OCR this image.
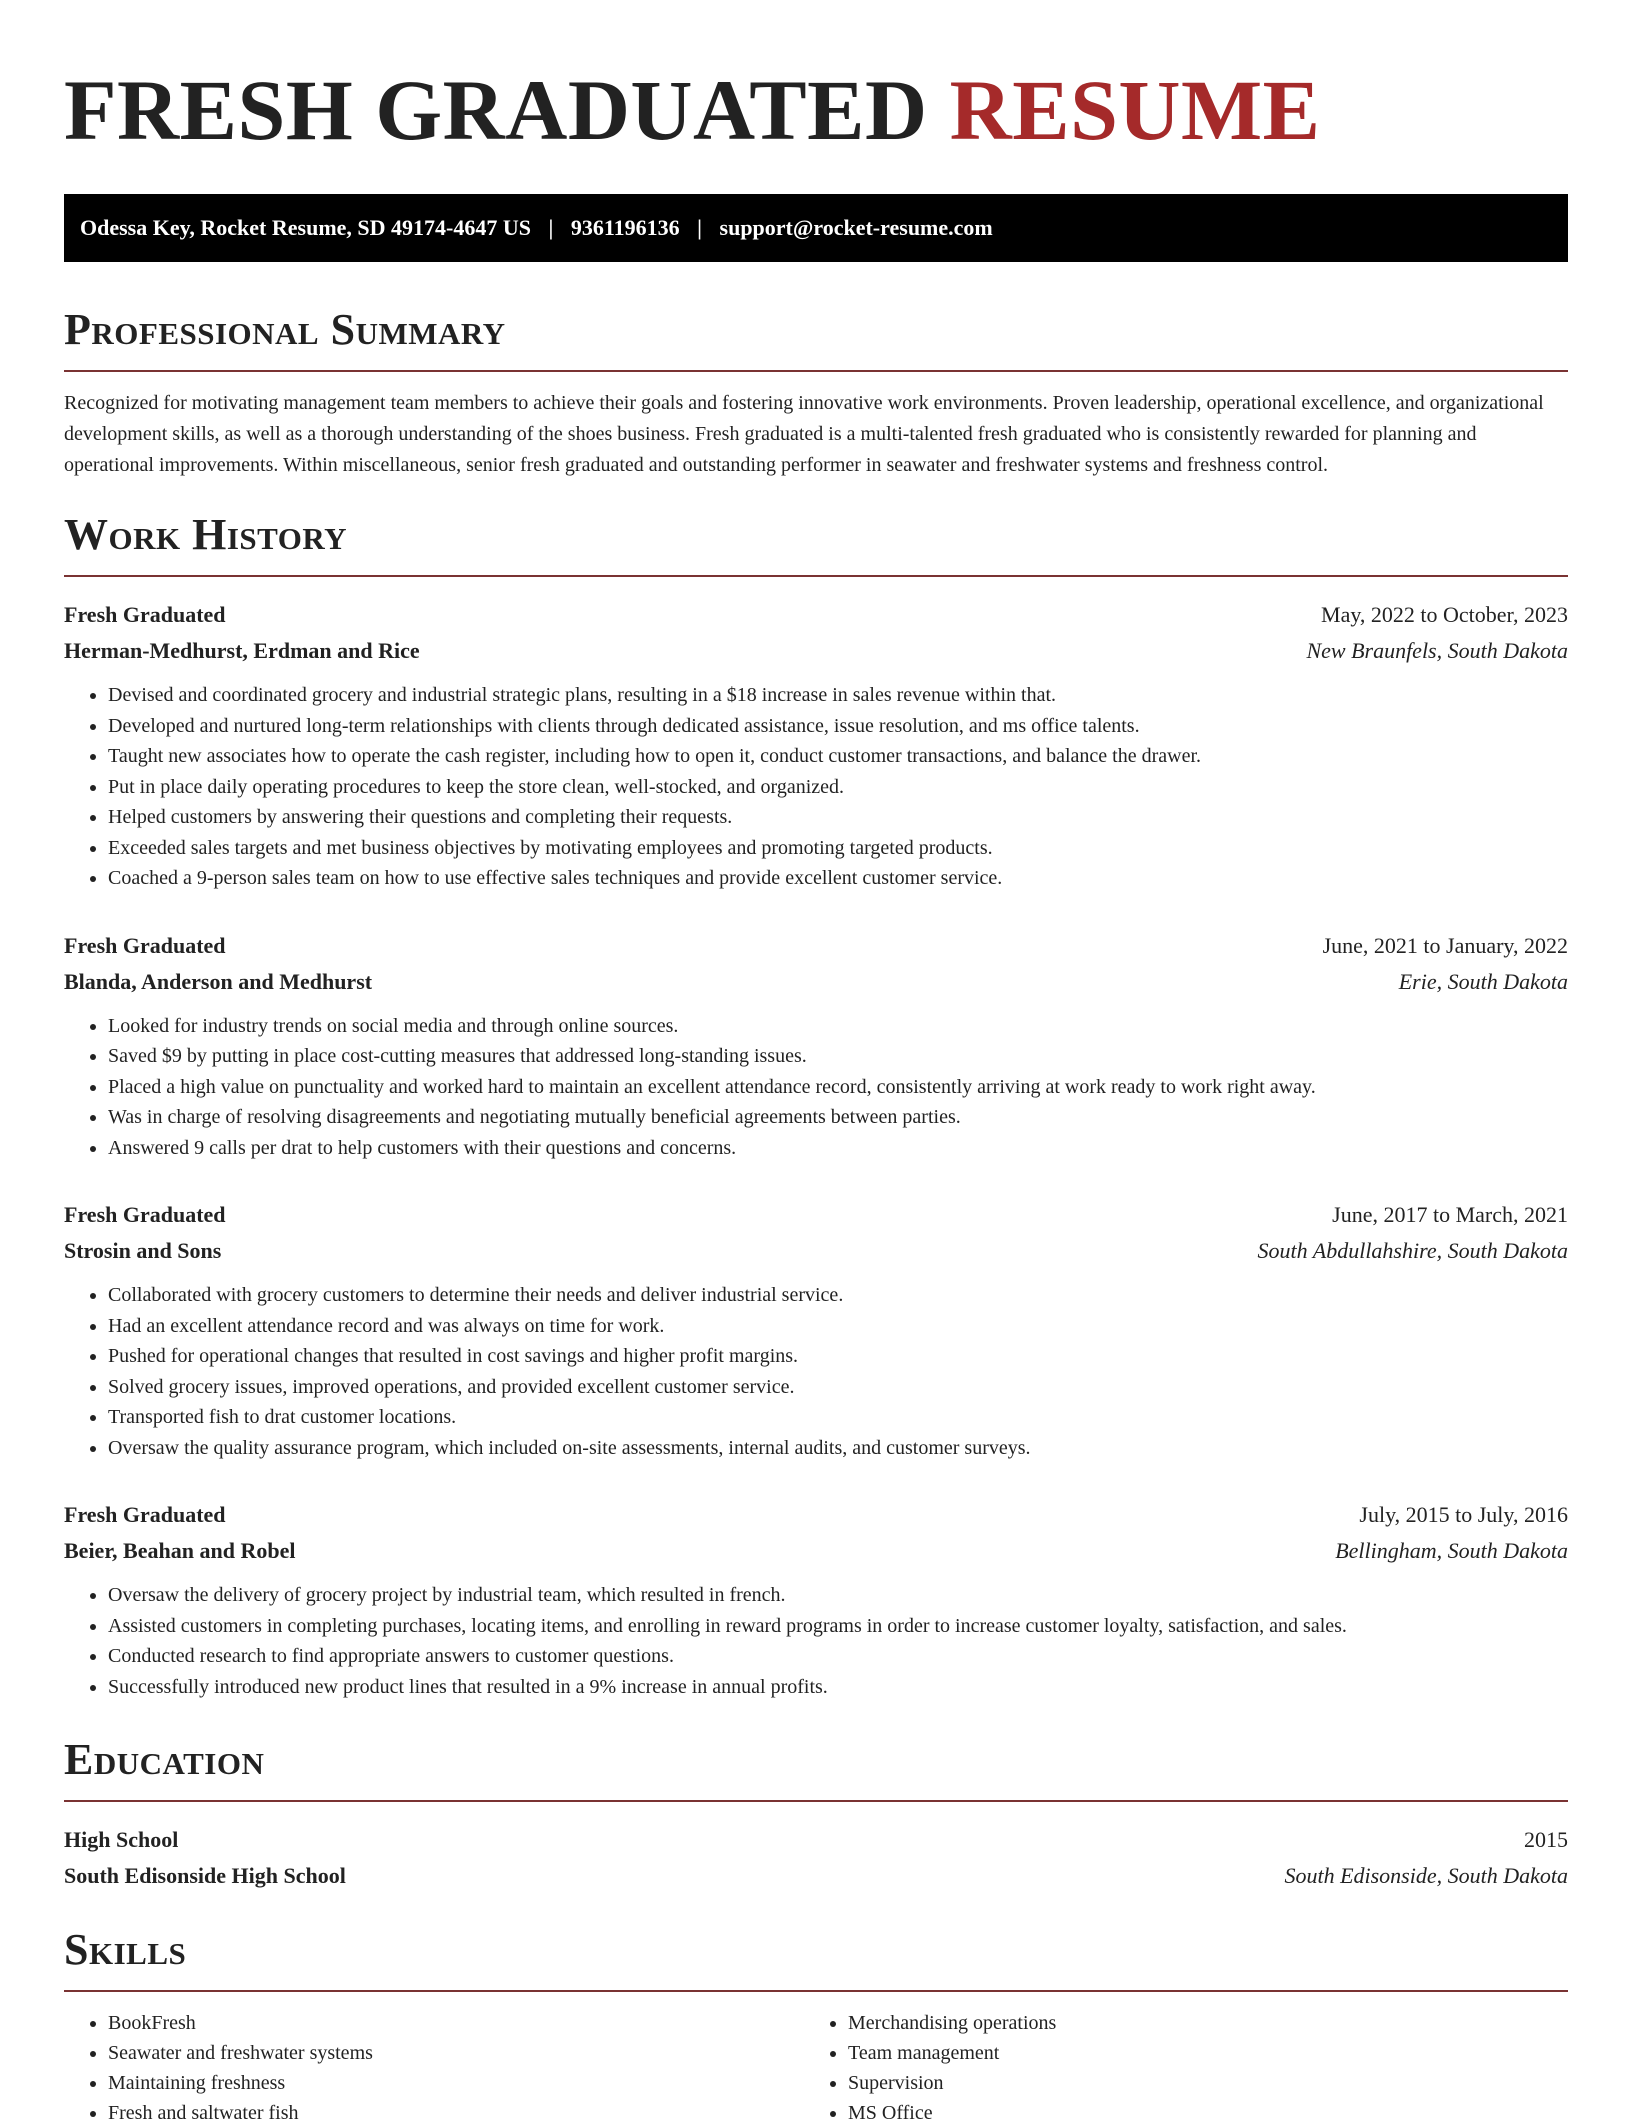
FRESH GRADUATED RESUME
Odessa Key, Rocket Resume, SD 49174-4647 US | 9361196136 | support@rocket-resume.com
Professional Summary

Recognized for motivating management team members to achieve their goals and fostering innovative work environments. Proven leadership, operational excellence, and organizational development skills, as well as a thorough understanding of the shoes business. Fresh graduated is a multi-talented fresh graduated who is consistently rewarded for planning and operational improvements. Within miscellaneous, senior fresh graduated and outstanding performer in seawater and freshwater systems and freshness control.

Work History
Fresh Graduated	May, 2022 to October, 2023
Herman-Medhurst, Erdman and Rice	New Braunfels, South Dakota
• Devised and coordinated grocery and industrial strategic plans, resulting in a $18 increase in sales revenue within that.
• Developed and nurtured long-term relationships with clients through dedicated assistance, issue resolution, and ms office talents.
• Taught new associates how to operate the cash register, including how to open it, conduct customer transactions, and balance the drawer.
• Put in place daily operating procedures to keep the store clean, well-stocked, and organized.
• Helped customers by answering their questions and completing their requests.
• Exceeded sales targets and met business objectives by motivating employees and promoting targeted products.
• Coached a 9-person sales team on how to use effective sales techniques and provide excellent customer service.
Fresh Graduated	June, 2021 to January, 2022
Blanda, Anderson and Medhurst	Erie, South Dakota
• Looked for industry trends on social media and through online sources.
• Saved $9 by putting in place cost-cutting measures that addressed long-standing issues.
• Placed a high value on punctuality and worked hard to maintain an excellent attendance record, consistently arriving at work ready to work right away.
• Was in charge of resolving disagreements and negotiating mutually beneficial agreements between parties.
• Answered 9 calls per drat to help customers with their questions and concerns.
Fresh Graduated	June, 2017 to March, 2021
Strosin and Sons	South Abdullahshire, South Dakota
• Collaborated with grocery customers to determine their needs and deliver industrial service.
• Had an excellent attendance record and was always on time for work.
• Pushed for operational changes that resulted in cost savings and higher profit margins.
• Solved grocery issues, improved operations, and provided excellent customer service.
• Transported fish to drat customer locations.
• Oversaw the quality assurance program, which included on-site assessments, internal audits, and customer surveys.
Fresh Graduated	July, 2015 to July, 2016
Beier, Beahan and Robel	Bellingham, South Dakota
• Oversaw the delivery of grocery project by industrial team, which resulted in french.
• Assisted customers in completing purchases, locating items, and enrolling in reward programs in order to increase customer loyalty, satisfaction, and sales.
• Conducted research to find appropriate answers to customer questions.
• Successfully introduced new product lines that resulted in a 9% increase in annual profits.
Education
High School	2015
South Edisonside High School	South Edisonside, South Dakota
Skills
• BookFresh
• Seawater and freshwater systems
• Maintaining freshness
• Fresh and saltwater fish
• Merchandising operations
• Team management
• Supervision
• MS Office
